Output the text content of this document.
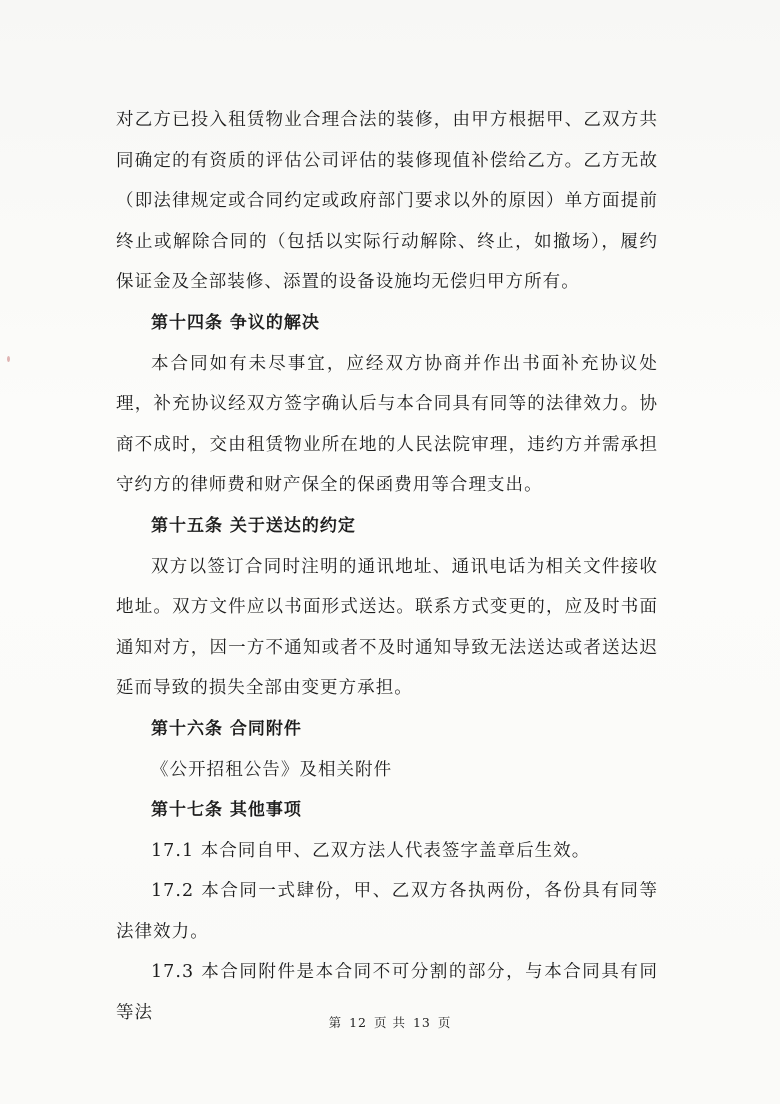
对乙方已投入租赁物业合理合法的装修，由甲方根据甲、乙双方共同确定的有资质的评估公司评估的装修现值补偿给乙方。乙方无故（即法律规定或合同约定或政府部门要求以外的原因）单方面提前终止或解除合同的（包括以实际行动解除、终止，如撤场），履约保证金及全部装修、添置的设备设施均无偿归甲方所有。

第十四条 争议的解决

本合同如有未尽事宜，应经双方协商并作出书面补充协议处理，补充协议经双方签字确认后与本合同具有同等的法律效力。协商不成时，交由租赁物业所在地的人民法院审理，违约方并需承担守约方的律师费和财产保全的保函费用等合理支出。

第十五条 关于送达的约定

双方以签订合同时注明的通讯地址、通讯电话为相关文件接收地址。双方文件应以书面形式送达。联系方式变更的，应及时书面通知对方，因一方不通知或者不及时通知导致无法送达或者送达迟延而导致的损失全部由变更方承担。

第十六条 合同附件

《公开招租公告》及相关附件

第十七条 其他事项

17.1 本合同自甲、乙双方法人代表签字盖章后生效。

17.2 本合同一式肆份，甲、乙双方各执两份，各份具有同等法律效力。

17.3 本合同附件是本合同不可分割的部分，与本合同具有同等法	第 12 页 共 13 页
